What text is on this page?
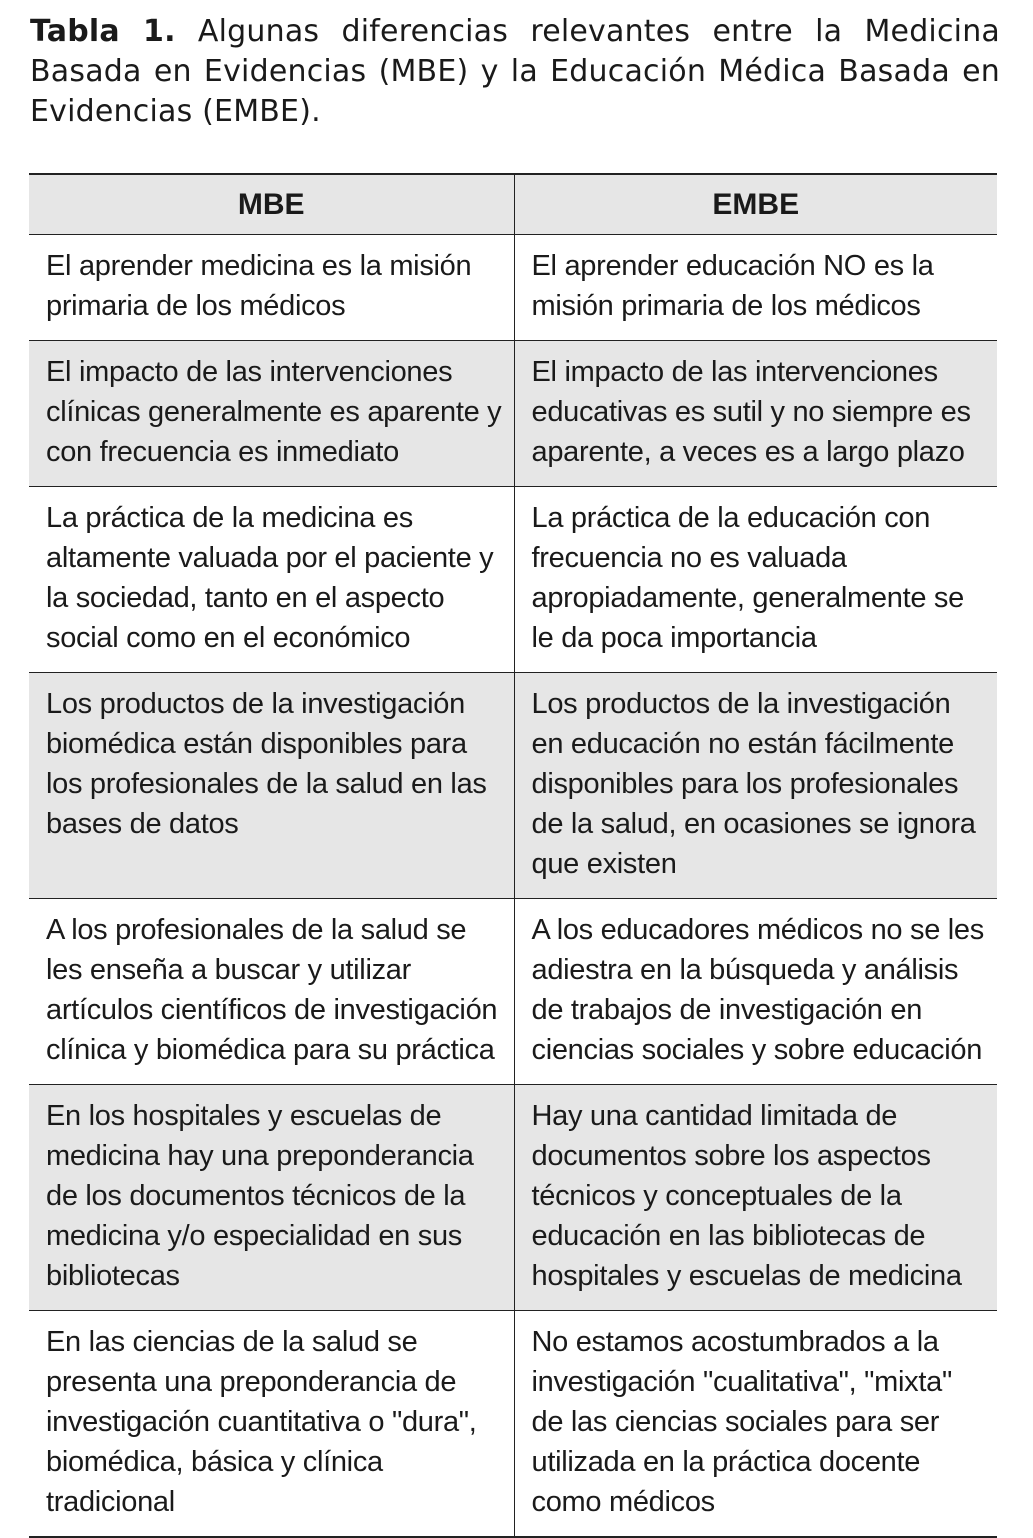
Tabla 1. Algunas diferencias relevantes entre la Medicina Basada en Evidencias (MBE) y la Educación Médica Basada en Evidencias (EMBE).
MBE	EMBE
El aprender medicina es la misión primaria de los médicos	El aprender educación NO es la misión primaria de los médicos
El impacto de las intervenciones clínicas generalmente es aparente y con frecuencia es inmediato	El impacto de las intervenciones educativas es sutil y no siempre es aparente, a veces es a largo plazo
La práctica de la medicina es altamente valuada por el paciente y la sociedad, tanto en el aspecto social como en el económico	La práctica de la educación con frecuencia no es valuada apropiadamente, generalmente se le da poca importancia
Los productos de la investigación biomédica están disponibles para los profesionales de la salud en las bases de datos	Los productos de la investigación en educación no están fácilmente disponibles para los profesionales de la salud, en ocasiones se ignora que existen
A los profesionales de la salud se les enseña a buscar y utilizar artículos científicos de investigación clínica y biomédica para su práctica	A los educadores médicos no se les adiestra en la búsqueda y análisis de trabajos de investigación en ciencias sociales y sobre educación
En los hospitales y escuelas de medicina hay una preponderancia de los documentos técnicos de la medicina y/o especialidad en sus bibliotecas	Hay una cantidad limitada de documentos sobre los aspectos técnicos y conceptuales de la educación en las bibliotecas de hospitales y escuelas de medicina
En las ciencias de la salud se presenta una preponderancia de investigación cuantitativa o "dura", biomédica, básica y clínica tradicional	No estamos acostumbrados a la investigación "cualitativa", "mixta" de las ciencias sociales para ser utilizada en la práctica docente como médicos
